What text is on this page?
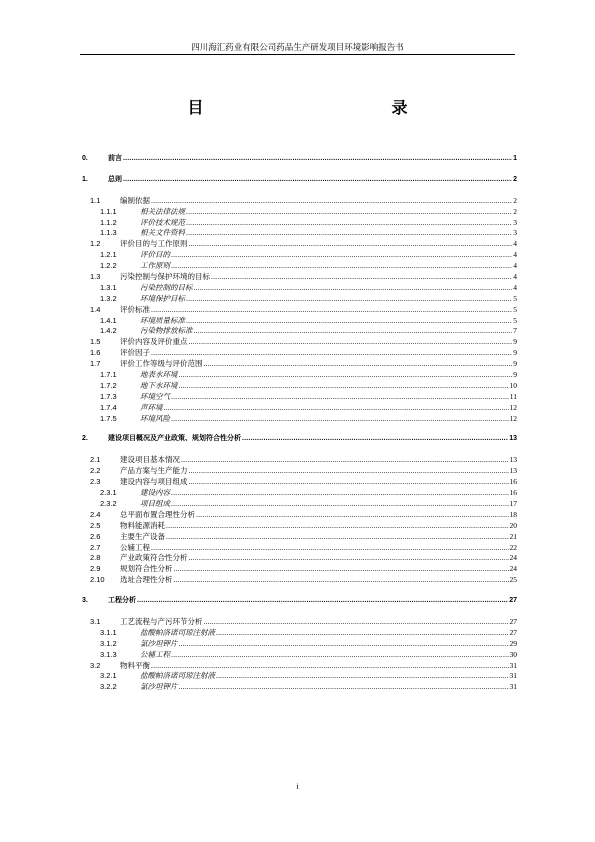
四川海汇药业有限公司药品生产研发项目环境影响报告书
目　　录
0.	前言 .....	1
1.	总则 .....	2
1.1	编制依据 .....	2
1.1.1	相关法律法规 .....	2
1.1.2	评价技术规范 .....	3
1.1.3	相关文件资料 .....	3
1.2	评价目的与工作原则 .....	4
1.2.1	评价目的 .....	4
1.2.2	工作原则 .....	4
1.3	污染控制与保护环境的目标 .....	4
1.3.1	污染控制的目标 .....	4
1.3.2	环境保护目标 .....	5
1.4	评价标准 .....	5
1.4.1	环境质量标准 .....	5
1.4.2	污染物排放标准 .....	7
1.5	评价内容及评价重点 .....	9
1.6	评价因子 .....	9
1.7	评价工作等级与评价范围 .....	9
1.7.1	地表水环境 .....	9
1.7.2	地下水环境 .....	10
1.7.3	环境空气 .....	11
1.7.4	声环境 .....	12
1.7.5	环境风险 .....	12
2.	建设项目概况及产业政策、规划符合性分析 .....	13
2.1	建设项目基本情况 .....	13
2.2	产品方案与生产能力 .....	13
2.3	建设内容与项目组成 .....	16
2.3.1	建设内容 .....	16
2.3.2	项目组成 .....	17
2.4	总平面布置合理性分析 .....	18
2.5	物料能源消耗 .....	20
2.6	主要生产设备 .....	21
2.7	公辅工程 .....	22
2.8	产业政策符合性分析 .....	24
2.9	规划符合性分析 .....	24
2.10	选址合理性分析 .....	25
3.	工程分析 .....	27
3.1	工艺流程与产污环节分析 .....	27
3.1.1	盐酸帕洛诺司琼注射液 .....	27
3.1.2	氯沙坦钾片 .....	29
3.1.3	公辅工程 .....	30
3.2	物料平衡 .....	31
3.2.1	盐酸帕洛诺司琼注射液 .....	31
3.2.2	氯沙坦钾片 .....	31
i
